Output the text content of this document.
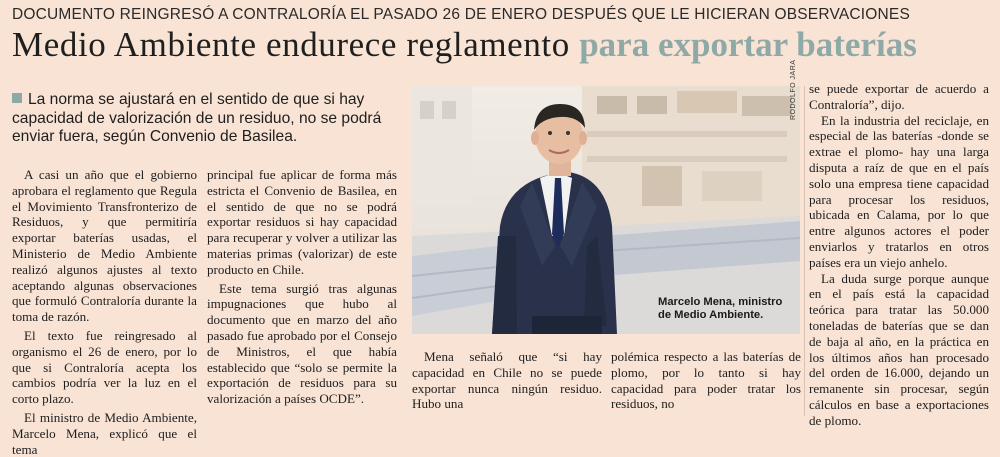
DOCUMENTO REINGRESÓ A CONTRALORÍA EL PASADO 26 DE ENERO DESPUÉS QUE LE HICIERAN OBSERVACIONES
Medio Ambiente endurece reglamento para exportar baterías
La norma se ajustará en el sentido de que si hay capacidad de valorización de un residuo, no se podrá enviar fuera, según Convenio de Basilea.

A casi un año que el gobierno aprobara el reglamento que Regula el Movimiento Transfronterizo de Residuos, y que permitiría exportar baterías usadas, el Ministerio de Medio Ambiente realizó algunos ajustes al texto aceptando algunas observaciones que formuló Contraloría durante la toma de razón.

El texto fue reingresado al organismo el 26 de enero, por lo que si Contraloría acepta los cambios podría ver la luz en el corto plazo.

El ministro de Medio Ambiente, Marcelo Mena, explicó que el tema

principal fue aplicar de forma más estricta el Convenio de Basilea, en el sentido de que no se podrá exportar residuos si hay capacidad para recuperar y volver a utilizar las materias primas (valorizar) de este producto en Chile.

Este tema surgió tras algunas impugnaciones que hubo al documento que en marzo del año pasado fue aprobado por el Consejo de Ministros, el que había establecido que “solo se permite la exportación de residuos para su valorización a países OCDE”.

Marcelo Mena, ministro de Medio Ambiente.
RODOLFO JARA

Mena señaló que “si hay capacidad en Chile no se puede exportar nunca ningún residuo. Hubo una

polémica respecto a las baterías de plomo, por lo tanto si hay capacidad para poder tratar los residuos, no

se puede exportar de acuerdo a Contraloría”, dijo.

En la industria del reciclaje, en especial de las baterías -donde se extrae el plomo- hay una larga disputa a raíz de que en el país solo una empresa tiene capacidad para procesar los residuos, ubicada en Calama, por lo que entre algunos actores el poder enviarlos y tratarlos en otros países era un viejo anhelo.

La duda surge porque aunque en el país está la capacidad teórica para tratar las 50.000 toneladas de baterías que se dan de baja al año, en la práctica en los últimos años han procesado del orden de 16.000, dejando un remanente sin procesar, según cálculos en base a exportaciones de plomo.
